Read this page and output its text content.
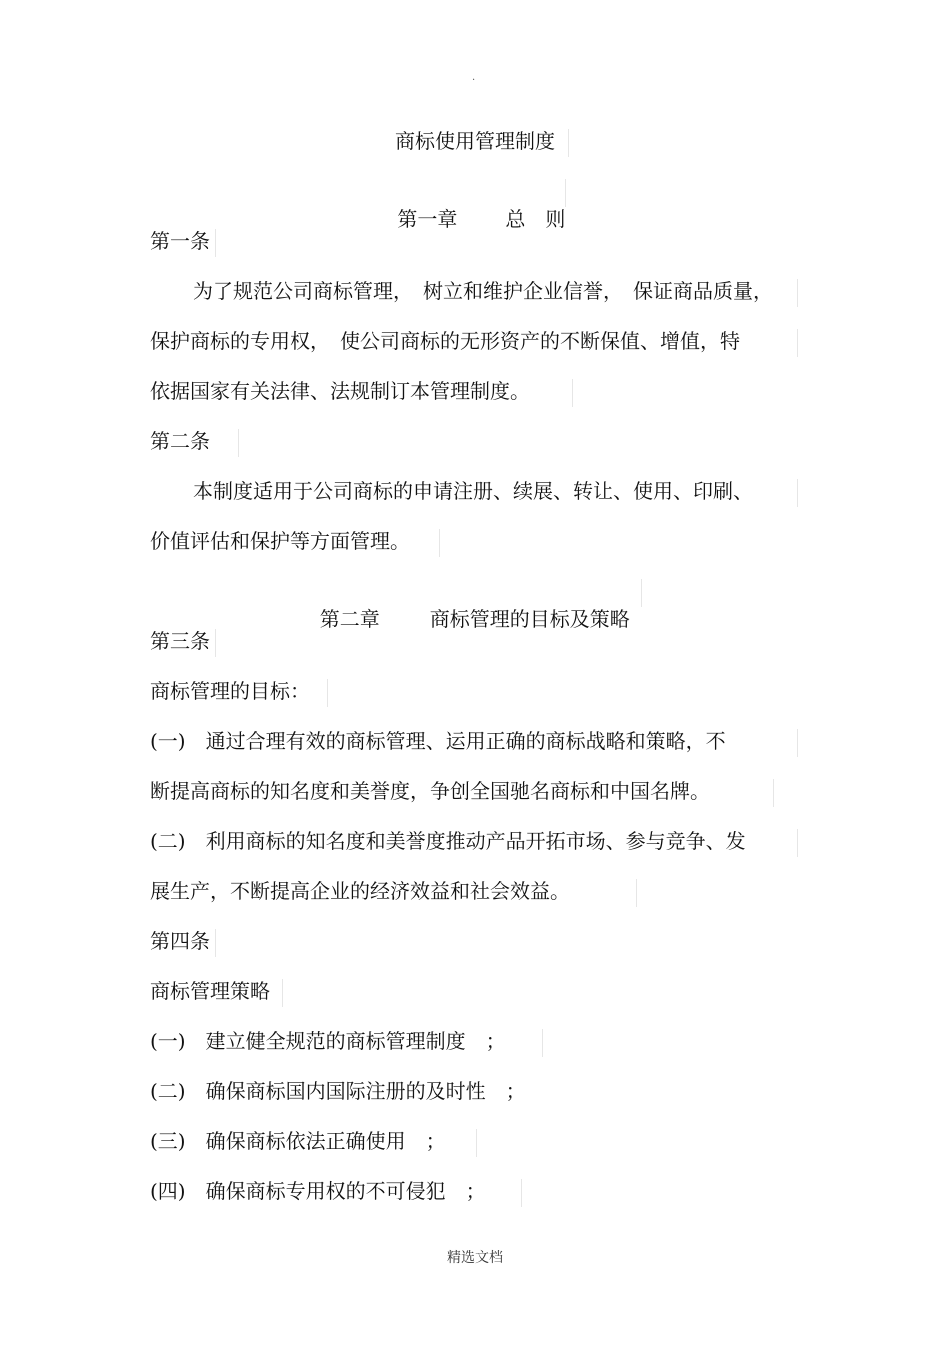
.
商标使用管理制度

第一章 总　则

第一条
为了规范公司商标管理，　树立和维护企业信誉，　保证商品质量，
保护商标的专用权，　使公司商标的无形资产的不断保值、增值，特
依据国家有关法律、法规制订本管理制度。
第二条
本制度适用于公司商标的申请注册、续展、转让、使用、印刷、
价值评估和保护等方面管理。

第二章	商标管理的目标及策略

第三条
商标管理的目标：
(一)　通过合理有效的商标管理、运用正确的商标战略和策略，不
断提高商标的知名度和美誉度，争创全国驰名商标和中国名牌。
(二)　利用商标的知名度和美誉度推动产品开拓市场、参与竞争、发
展生产，不断提高企业的经济效益和社会效益。
第四条
商标管理策略
(一)　建立健全规范的商标管理制度　；
(二)　确保商标国内国际注册的及时性　；
(三)　确保商标依法正确使用　；
(四)　确保商标专用权的不可侵犯　；
精选文档
